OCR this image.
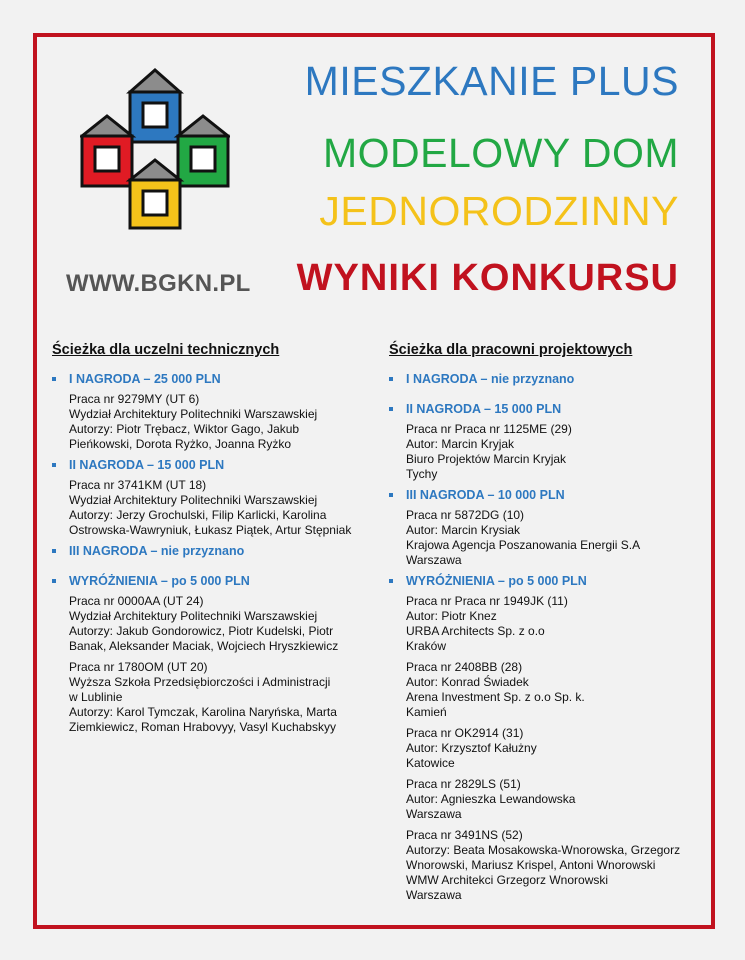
WWW.BGKN.PL
MIESZKANIE PLUS
MODELOWY DOM
JEDNORODZINNY
WYNIKI KONKURSU
Ścieżka dla uczelni technicznych
I NAGRODA – 25 000 PLN
Praca nr 9279MY (UT 6)
Wydział Architektury Politechniki Warszawskiej
Autorzy: Piotr Trębacz, Wiktor Gago, Jakub
Pieńkowski, Dorota Ryżko, Joanna Ryżko
II NAGRODA – 15 000 PLN
Praca nr 3741KM (UT 18)
Wydział Architektury Politechniki Warszawskiej
Autorzy: Jerzy Grochulski, Filip Karlicki, Karolina
Ostrowska-Wawryniuk, Łukasz Piątek, Artur Stępniak
III NAGRODA – nie przyznano
WYRÓŻNIENIA – po 5 000 PLN
Praca nr 0000AA (UT 24)
Wydział Architektury Politechniki Warszawskiej
Autorzy: Jakub Gondorowicz, Piotr Kudelski, Piotr
Banak, Aleksander Maciak, Wojciech Hryszkiewicz
Praca nr 1780OM (UT 20)
Wyższa Szkoła Przedsiębiorczości i Administracji
w Lublinie
Autorzy: Karol Tymczak, Karolina Naryńska, Marta
Ziemkiewicz, Roman Hrabovyy, Vasyl Kuchabskyy
Ścieżka dla pracowni projektowych
I NAGRODA – nie przyznano
II NAGRODA – 15 000 PLN
Praca nr Praca nr 1125ME (29)
Autor: Marcin Kryjak
Biuro Projektów Marcin Kryjak
Tychy
III NAGRODA – 10 000 PLN
Praca nr 5872DG (10)
Autor: Marcin Krysiak
Krajowa Agencja Poszanowania Energii S.A
Warszawa
WYRÓŻNIENIA – po 5 000 PLN
Praca nr Praca nr 1949JK (11)
Autor: Piotr Knez
URBA Architects Sp. z o.o
Kraków
Praca nr 2408BB (28)
Autor: Konrad Świadek
Arena Investment Sp. z o.o Sp. k.
Kamień
Praca nr OK2914 (31)
Autor: Krzysztof Kałużny
Katowice
Praca nr 2829LS (51)
Autor: Agnieszka Lewandowska
Warszawa
Praca nr 3491NS (52)
Autorzy: Beata Mosakowska-Wnorowska, Grzegorz
Wnorowski, Mariusz Krispel, Antoni Wnorowski
WMW Architekci Grzegorz Wnorowski
Warszawa
